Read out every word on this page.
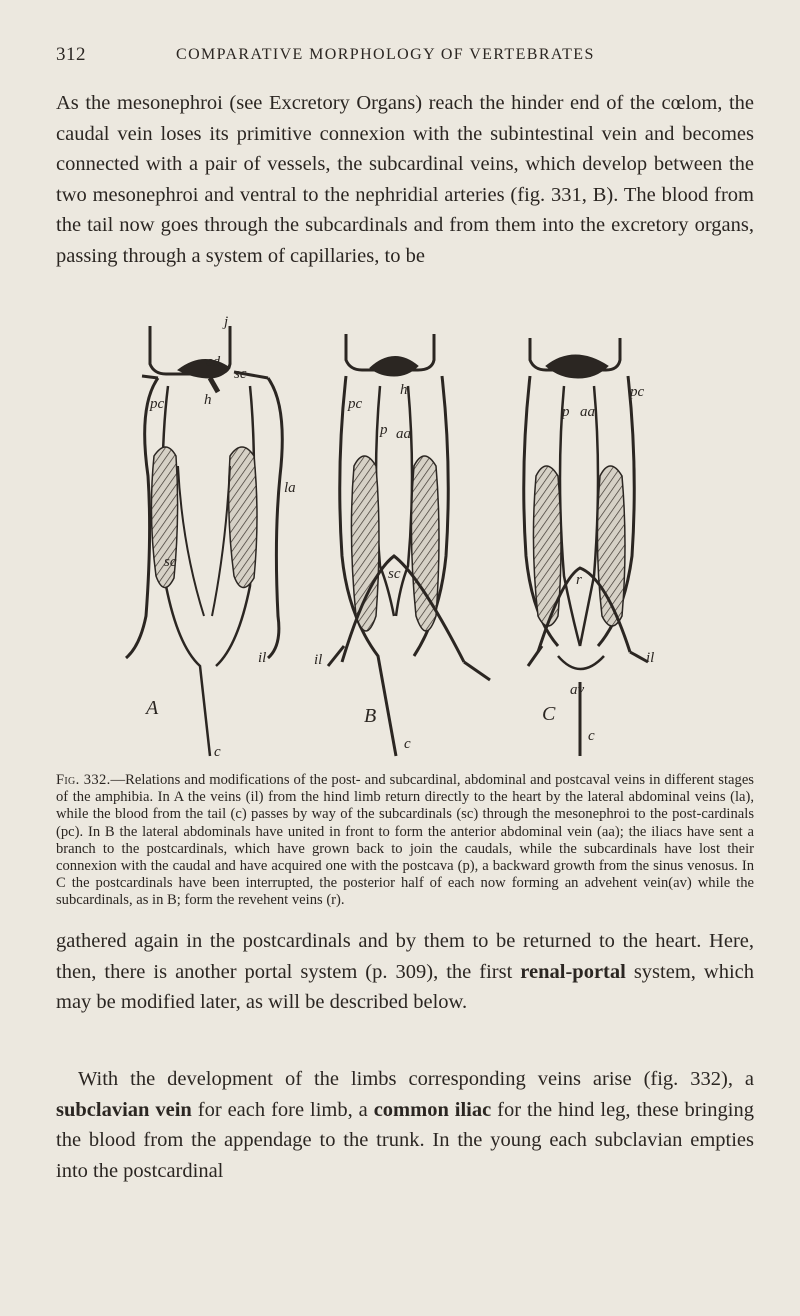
312	COMPARATIVE MORPHOLOGY OF VERTEBRATES

As the mesonephroi (see Excretory Organs) reach the hinder end of the cœlom, the caudal vein loses its primitive connexion with the subintestinal vein and becomes connected with a pair of vessels, the subcardinal veins, which develop between the two mesonephroi and ventral to the nephridial arteries (fig. 331, B). The blood from the tail now goes through the subcardinals and from them into the excretory organs, passing through a system of capillaries, to be

j
cd
sc
h
pc
la
sc
il
c
A
pc
h
p aa
sc
il
c
B
pc
p aa
r
il
av
c
C

Fig. 332.—Relations and modifications of the post- and subcardinal, abdominal and postcaval veins in different stages of the amphibia. In A the veins (il) from the hind limb return directly to the heart by the lateral abdominal veins (la), while the blood from the tail (c) passes by way of the subcardinals (sc) through the mesonephroi to the post-cardinals (pc). In B the lateral abdominals have united in front to form the anterior abdominal vein (aa); the iliacs have sent a branch to the postcardinals, which have grown back to join the caudals, while the subcardinals have lost their connexion with the caudal and have acquired one with the postcava (p), a backward growth from the sinus venosus. In C the postcardinals have been interrupted, the posterior half of each now forming an advehent vein(av) while the subcardinals, as in B; form the revehent veins (r).

gathered again in the postcardinals and by them to be returned to the heart. Here, then, there is another portal system (p. 309), the first renal-portal system, which may be modified later, as will be described below.

With the development of the limbs corresponding veins arise (fig. 332), a subclavian vein for each fore limb, a common iliac for the hind leg, these bringing the blood from the appendage to the trunk. In the young each subclavian empties into the postcardinal
